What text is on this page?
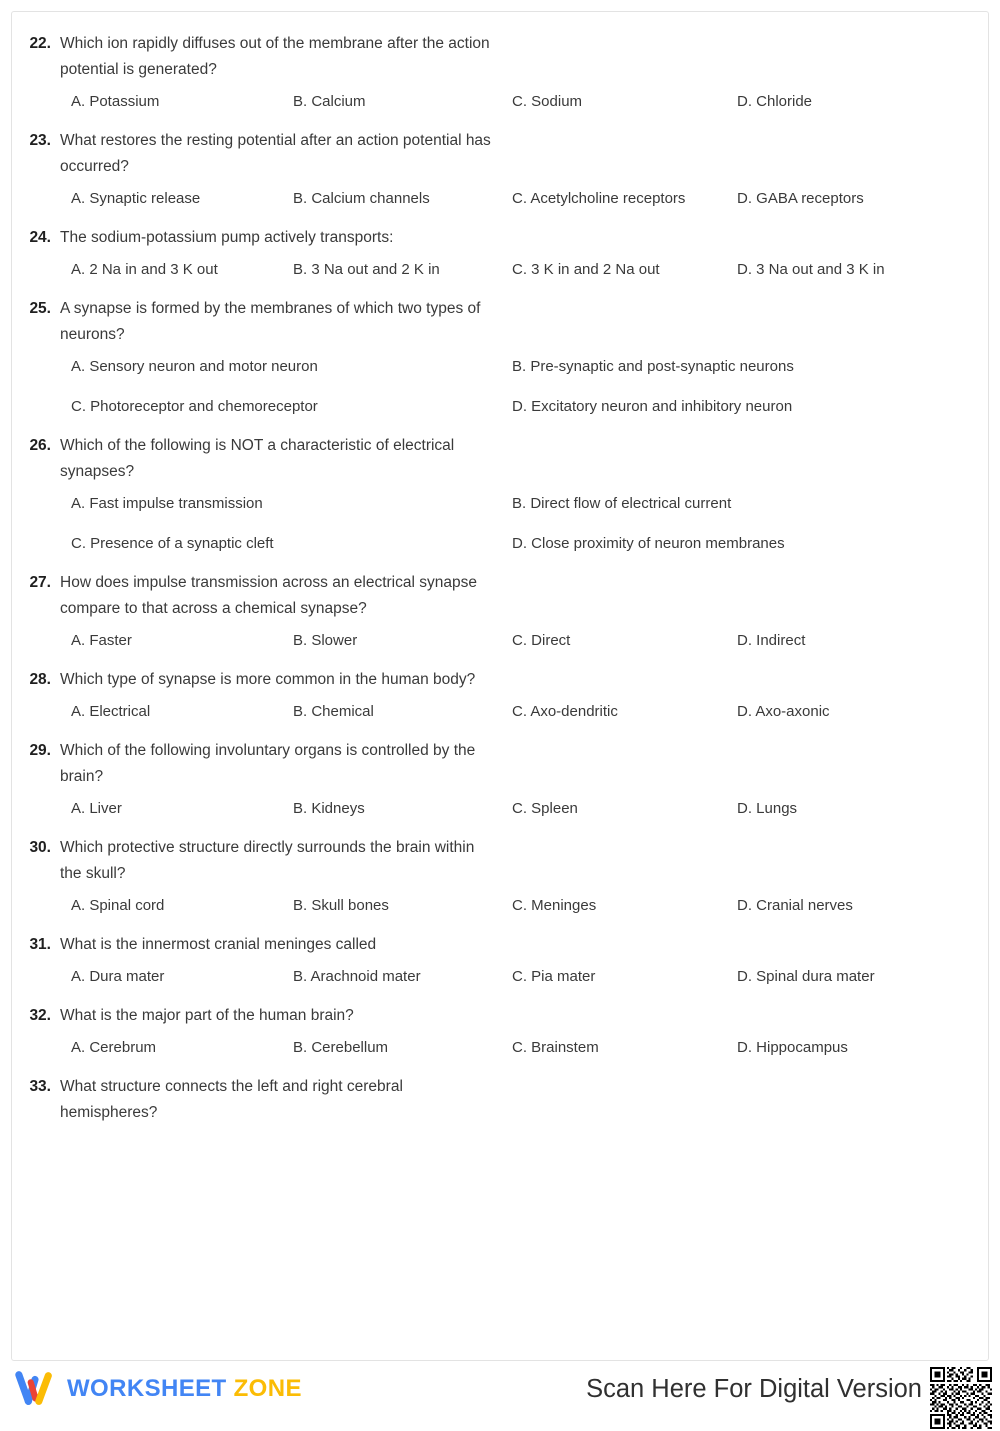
22. Which ion rapidly diffuses out of the membrane after the action potential is generated?
A. Potassium	B. Calcium	C. Sodium	D. Chloride
23. What restores the resting potential after an action potential has occurred?
A. Synaptic release	B. Calcium channels	C. Acetylcholine receptors	D. GABA receptors
24. The sodium-potassium pump actively transports:
A. 2 Na in and 3 K out	B. 3 Na out and 2 K in	C. 3 K in and 2 Na out	D. 3 Na out and 3 K in
25. A synapse is formed by the membranes of which two types of neurons?
A. Sensory neuron and motor neuron	B. Pre-synaptic and post-synaptic neurons
C. Photoreceptor and chemoreceptor	D. Excitatory neuron and inhibitory neuron
26. Which of the following is NOT a characteristic of electrical synapses?
A. Fast impulse transmission	B. Direct flow of electrical current
C. Presence of a synaptic cleft	D. Close proximity of neuron membranes
27. How does impulse transmission across an electrical synapse compare to that across a chemical synapse?
A. Faster	B. Slower	C. Direct	D. Indirect
28. Which type of synapse is more common in the human body?
A. Electrical	B. Chemical	C. Axo-dendritic	D. Axo-axonic
29. Which of the following involuntary organs is controlled by the brain?
A. Liver	B. Kidneys	C. Spleen	D. Lungs
30. Which protective structure directly surrounds the brain within the skull?
A. Spinal cord	B. Skull bones	C. Meninges	D. Cranial nerves
31. What is the innermost cranial meninges called
A. Dura mater	B. Arachnoid mater	C. Pia mater	D. Spinal dura mater
32. What is the major part of the human brain?
A. Cerebrum	B. Cerebellum	C. Brainstem	D. Hippocampus
33. What structure connects the left and right cerebral hemispheres?
WORKSHEET ZONE	Scan Here For Digital Version
